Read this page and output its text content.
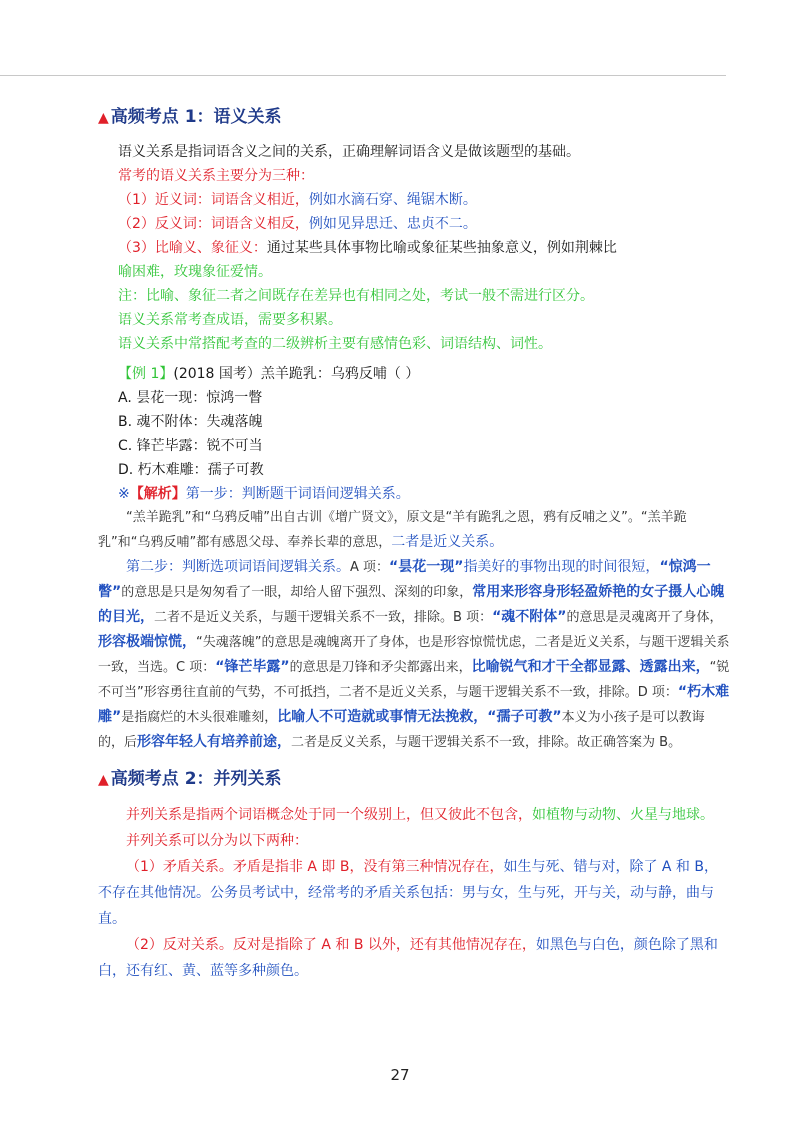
▲ 高频考点 1：语义关系
语义关系是指词语含义之间的关系，正确理解词语含义是做该题型的基础。
常考的语义关系主要分为三种：
（1）近义词：词语含义相近，例如水滴石穿、绳锯木断。
（2）反义词：词语含义相反，例如见异思迁、忠贞不二。
（3）比喻义、象征义：通过某些具体事物比喻或象征某些抽象意义，例如荆棘比
喻困难，玫瑰象征爱情。
注：比喻、象征二者之间既存在差异也有相同之处，考试一般不需进行区分。
语义关系常考查成语，需要多积累。
语义关系中常搭配考查的二级辨析主要有感情色彩、词语结构、词性。
【例 1】(2018 国考）羔羊跪乳：乌鸦反哺（ ）
A. 昙花一现：惊鸿一瞥
B. 魂不附体：失魂落魄
C. 锋芒毕露：锐不可当
D. 朽木难雕：孺子可教
※【解析】第一步：判断题干词语间逻辑关系。
“羔羊跪乳”和“乌鸦反哺”出自古训《增广贤文》，原文是“羊有跪乳之恩，鸦有反哺之义”。“羔羊跪乳”和“乌鸦反哺”都有感恩父母、奉养长辈的意思，二者是近义关系。
第二步：判断选项词语间逻辑关系。A 项：“昙花一现”指美好的事物出现的时间很短，“惊鸿一瞥”的意思是只是匆匆看了一眼，却给人留下强烈、深刻的印象，常用来形容身形轻盈娇艳的女子摄人心魄的目光，二者不是近义关系，与题干逻辑关系不一致，排除。B 项：“魂不附体”的意思是灵魂离开了身体，形容极端惊慌，“失魂落魄”的意思是魂魄离开了身体，也是形容惊慌忧虑，二者是近义关系，与题干逻辑关系一致，当选。C 项：“锋芒毕露”的意思是刀锋和矛尖都露出来，比喻锐气和才干全都显露、透露出来，“锐不可当”形容勇往直前的气势，不可抵挡，二者不是近义关系，与题干逻辑关系不一致，排除。D 项：“朽木难雕”是指腐烂的木头很难雕刻，比喻人不可造就或事情无法挽救，“孺子可教”本义为小孩子是可以教诲的，后形容年轻人有培养前途，二者是反义关系，与题干逻辑关系不一致，排除。故正确答案为 B。
▲ 高频考点 2：并列关系
并列关系是指两个词语概念处于同一个级别上，但又彼此不包含，如植物与动物、火星与地球。
并列关系可以分为以下两种：
（1）矛盾关系。矛盾是指非 A 即 B，没有第三种情况存在，如生与死、错与对，除了 A 和 B，不存在其他情况。公务员考试中，经常考的矛盾关系包括：男与女，生与死，开与关，动与静，曲与直。
（2）反对关系。反对是指除了 A 和 B 以外，还有其他情况存在，如黑色与白色，颜色除了黑和白，还有红、黄、蓝等多种颜色。
27
